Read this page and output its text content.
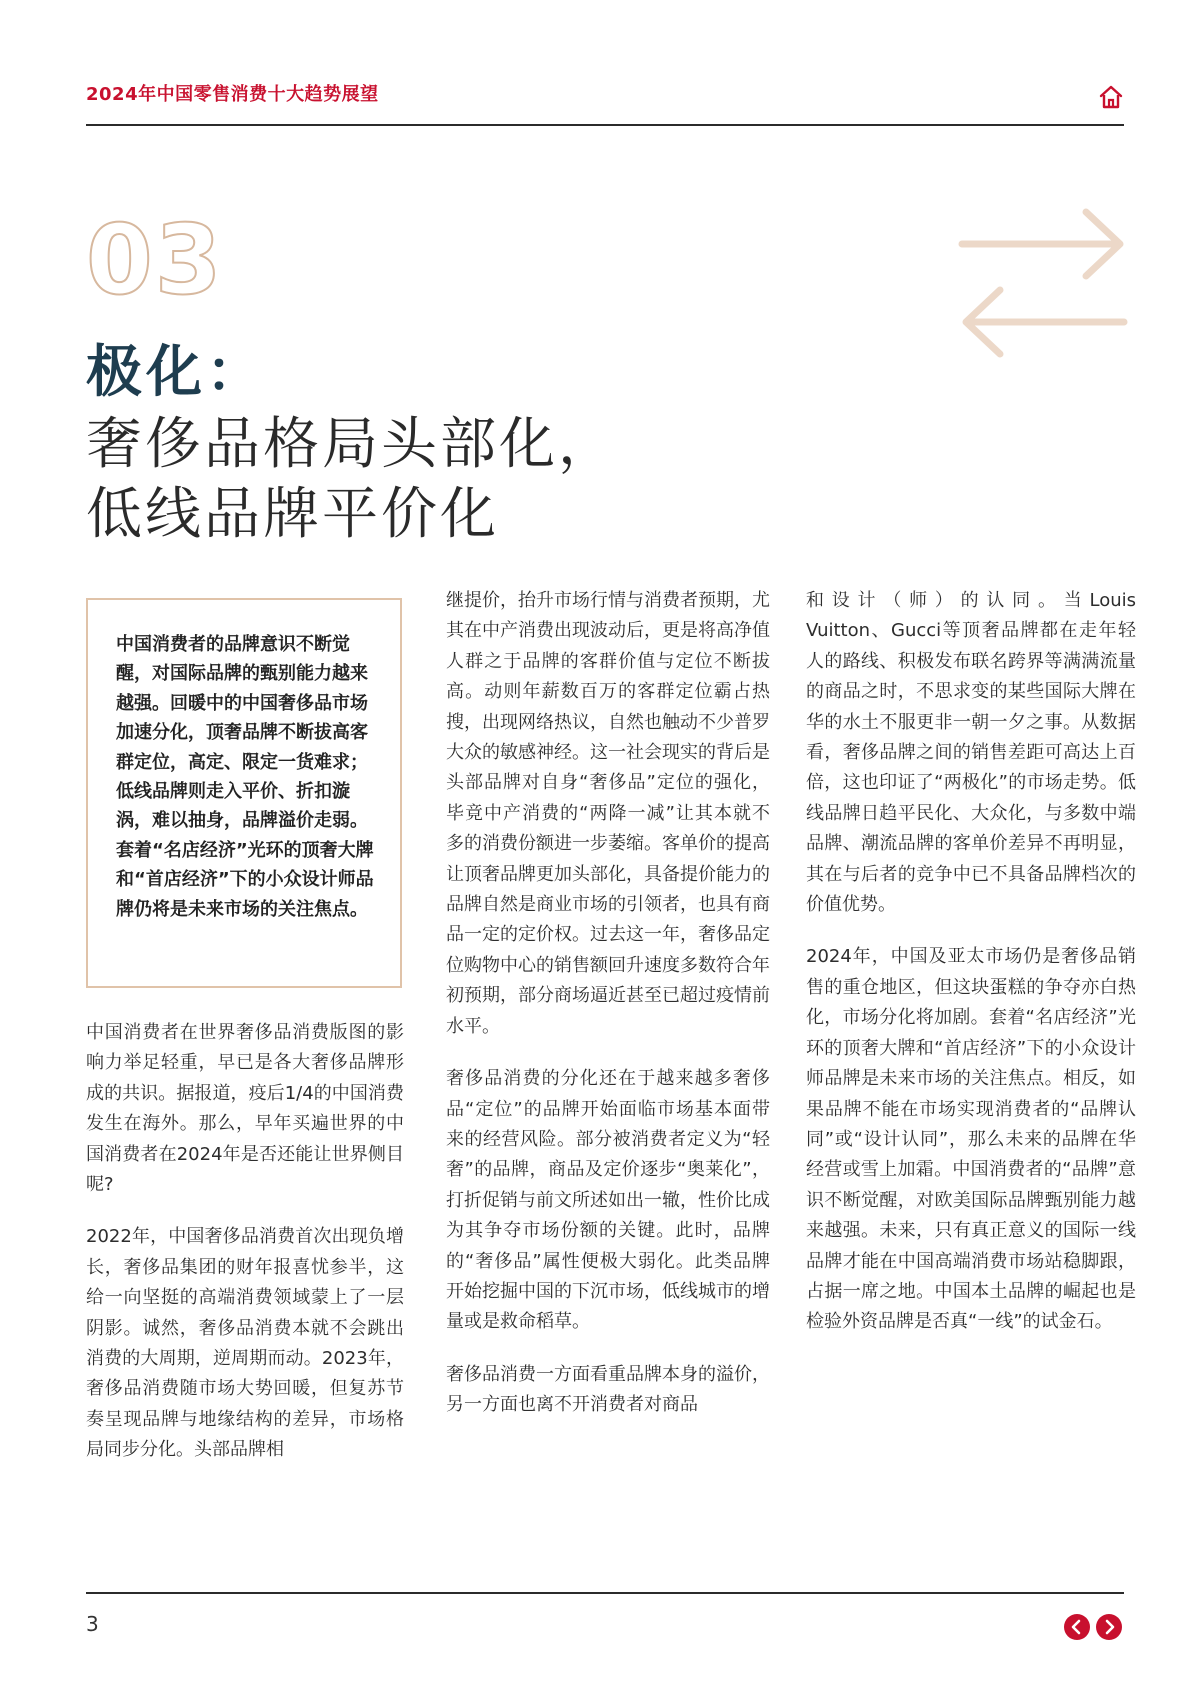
2024年中国零售消费十大趋势展望
03
极化：
奢侈品格局头部化，
低线品牌平价化
中国消费者的品牌意识不断觉醒，对国际品牌的甄别能力越来越强。回暖中的中国奢侈品市场加速分化，顶奢品牌不断拔高客群定位，高定、限定一货难求；低线品牌则走入平价、折扣漩涡，难以抽身，品牌溢价走弱。套着“名店经济”光环的顶奢大牌和“首店经济”下的小众设计师品牌仍将是未来市场的关注焦点。

中国消费者在世界奢侈品消费版图的影响力举足轻重，早已是各大奢侈品牌形成的共识。据报道，疫后1/4的中国消费发生在海外。那么，早年买遍世界的中国消费者在2024年是否还能让世界侧目呢?

2022年，中国奢侈品消费首次出现负增长，奢侈品集团的财年报喜忧参半，这给一向坚挺的高端消费领域蒙上了一层阴影。诚然，奢侈品消费本就不会跳出消费的大周期，逆周期而动。2023年，奢侈品消费随市场大势回暖，但复苏节奏呈现品牌与地缘结构的差异，市场格局同步分化。头部品牌相

继提价，抬升市场行情与消费者预期，尤其在中产消费出现波动后，更是将高净值人群之于品牌的客群价值与定位不断拔高。动则年薪数百万的客群定位霸占热搜，出现网络热议，自然也触动不少普罗大众的敏感神经。这一社会现实的背后是头部品牌对自身“奢侈品”定位的强化，毕竟中产消费的“两降一减”让其本就不多的消费份额进一步萎缩。客单价的提高让顶奢品牌更加头部化，具备提价能力的品牌自然是商业市场的引领者，也具有商品一定的定价权。过去这一年，奢侈品定位购物中心的销售额回升速度多数符合年初预期，部分商场逼近甚至已超过疫情前水平。

奢侈品消费的分化还在于越来越多奢侈品“定位”的品牌开始面临市场基本面带来的经营风险。部分被消费者定义为“轻奢”的品牌，商品及定价逐步“奥莱化”，打折促销与前文所述如出一辙，性价比成为其争夺市场份额的关键。此时，品牌的“奢侈品”属性便极大弱化。此类品牌开始挖掘中国的下沉市场，低线城市的增量或是救命稻草。

奢侈品消费一方面看重品牌本身的溢价，另一方面也离不开消费者对商品

和设计（师）的认同。当Louis Vuitton、Gucci等顶奢品牌都在走年轻人的路线、积极发布联名跨界等满满流量的商品之时，不思求变的某些国际大牌在华的水土不服更非一朝一夕之事。从数据看，奢侈品牌之间的销售差距可高达上百倍，这也印证了“两极化”的市场走势。低线品牌日趋平民化、大众化，与多数中端品牌、潮流品牌的客单价差异不再明显，其在与后者的竞争中已不具备品牌档次的价值优势。

2024年，中国及亚太市场仍是奢侈品销售的重仓地区，但这块蛋糕的争夺亦白热化，市场分化将加剧。套着“名店经济”光环的顶奢大牌和“首店经济”下的小众设计师品牌是未来市场的关注焦点。相反，如果品牌不能在市场实现消费者的“品牌认同”或“设计认同”，那么未来的品牌在华经营或雪上加霜。中国消费者的“品牌”意识不断觉醒，对欧美国际品牌甄别能力越来越强。未来，只有真正意义的国际一线品牌才能在中国高端消费市场站稳脚跟，占据一席之地。中国本土品牌的崛起也是检验外资品牌是否真“一线”的试金石。

3
